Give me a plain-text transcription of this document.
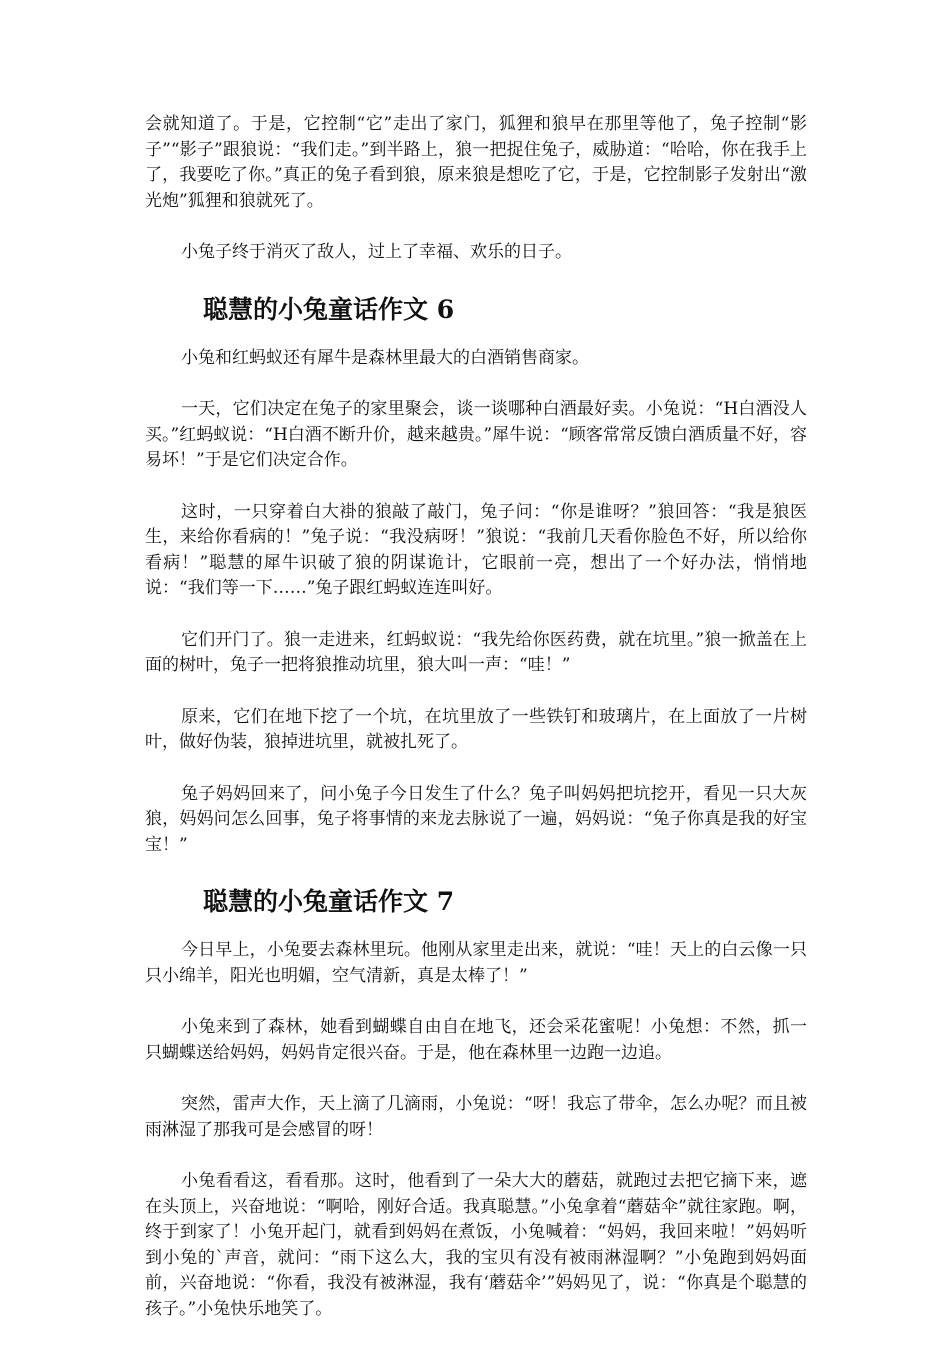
会就知道了。于是，它控制“它”走出了家门，狐狸和狼早在那里等他了，兔子控制“影子”“影子”跟狼说：“我们走。”到半路上，狼一把捉住兔子，威胁道：“哈哈，你在我手上了，我要吃了你。”真正的兔子看到狼，原来狼是想吃了它，于是，它控制影子发射出“激光炮”狐狸和狼就死了。

小兔子终于消灭了敌人，过上了幸福、欢乐的日子。

聪慧的小兔童话作文 6

小兔和红蚂蚁还有犀牛是森林里最大的白酒销售商家。

一天，它们决定在兔子的家里聚会，谈一谈哪种白酒最好卖。小兔说：“H白酒没人买。”红蚂蚁说：“H白酒不断升价，越来越贵。”犀牛说：“顾客常常反馈白酒质量不好，容易坏！”于是它们决定合作。

这时，一只穿着白大褂的狼敲了敲门，兔子问：“你是谁呀？”狼回答：“我是狼医生，来给你看病的！”兔子说：“我没病呀！”狼说：“我前几天看你脸色不好，所以给你看病！”聪慧的犀牛识破了狼的阴谋诡计，它眼前一亮，想出了一个好办法，悄悄地说：“我们等一下……”兔子跟红蚂蚁连连叫好。

它们开门了。狼一走进来，红蚂蚁说：“我先给你医药费，就在坑里。”狼一掀盖在上面的树叶，兔子一把将狼推动坑里，狼大叫一声：“哇！”

原来，它们在地下挖了一个坑，在坑里放了一些铁钉和玻璃片，在上面放了一片树叶，做好伪装，狼掉进坑里，就被扎死了。

兔子妈妈回来了，问小兔子今日发生了什么？兔子叫妈妈把坑挖开，看见一只大灰狼，妈妈问怎么回事，兔子将事情的来龙去脉说了一遍，妈妈说：“兔子你真是我的好宝宝！”

聪慧的小兔童话作文 7

今日早上，小兔要去森林里玩。他刚从家里走出来，就说：“哇！天上的白云像一只只小绵羊，阳光也明媚，空气清新，真是太棒了！”

小兔来到了森林，她看到蝴蝶自由自在地飞，还会采花蜜呢！小兔想：不然，抓一只蝴蝶送给妈妈，妈妈肯定很兴奋。于是，他在森林里一边跑一边追。

突然，雷声大作，天上滴了几滴雨，小兔说：“呀！我忘了带伞，怎么办呢？而且被雨淋湿了那我可是会感冒的呀！

小兔看看这，看看那。这时，他看到了一朵大大的蘑菇，就跑过去把它摘下来，遮在头顶上，兴奋地说：“啊哈，刚好合适。我真聪慧。”小兔拿着“蘑菇伞”就往家跑。啊，终于到家了！小兔开起门，就看到妈妈在煮饭，小兔喊着：“妈妈，我回来啦！”妈妈听到小兔的`声音，就问：“雨下这么大，我的宝贝有没有被雨淋湿啊？”小兔跑到妈妈面前，兴奋地说：“你看，我没有被淋湿，我有‘蘑菇伞’”妈妈见了，说：“你真是个聪慧的孩子。”小兔快乐地笑了。
